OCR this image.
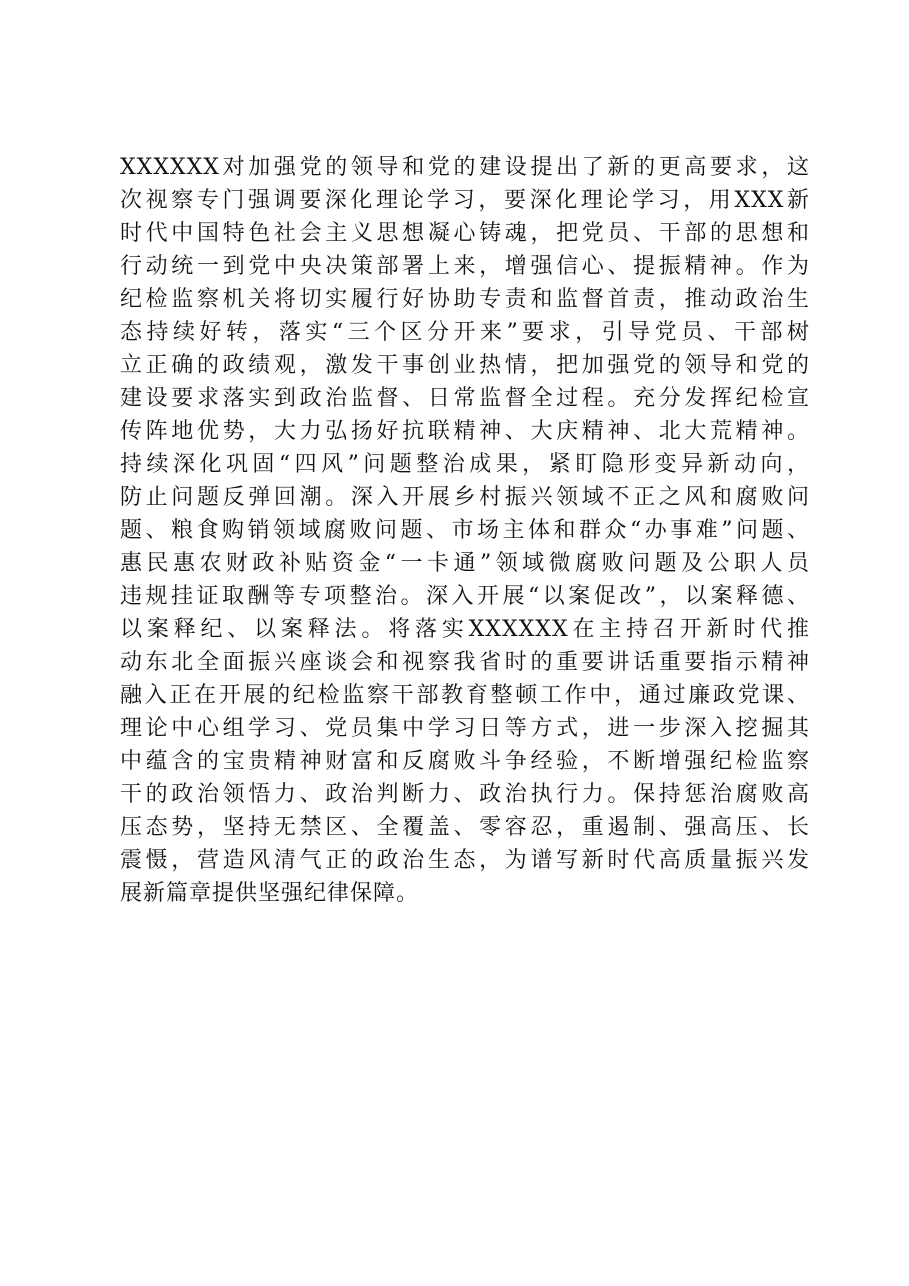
XXXXXX对加强党的领导和党的建设提出了新的更高要求，这
次视察专门强调要深化理论学习，要深化理论学习，用XXX新
时代中国特色社会主义思想凝心铸魂，把党员、干部的思想和
行动统一到党中央决策部署上来，增强信心、提振精神。作为
纪检监察机关将切实履行好协助专责和监督首责，推动政治生
态持续好转，落实“三个区分开来”要求，引导党员、干部树
立正确的政绩观，激发干事创业热情，把加强党的领导和党的
建设要求落实到政治监督、日常监督全过程。充分发挥纪检宣
传阵地优势，大力弘扬好抗联精神、大庆精神、北大荒精神。
持续深化巩固“四风”问题整治成果，紧盯隐形变异新动向，
防止问题反弹回潮。深入开展乡村振兴领域不正之风和腐败问
题、粮食购销领域腐败问题、市场主体和群众“办事难”问题、
惠民惠农财政补贴资金“一卡通”领域微腐败问题及公职人员
违规挂证取酬等专项整治。深入开展“以案促改”，以案释德、
以案释纪、以案释法。将落实XXXXXX在主持召开新时代推
动东北全面振兴座谈会和视察我省时的重要讲话重要指示精神
融入正在开展的纪检监察干部教育整顿工作中，通过廉政党课、
理论中心组学习、党员集中学习日等方式，进一步深入挖掘其
中蕴含的宝贵精神财富和反腐败斗争经验，不断增强纪检监察
干的政治领悟力、政治判断力、政治执行力。保持惩治腐败高
压态势，坚持无禁区、全覆盖、零容忍，重遏制、强高压、长
震慑，营造风清气正的政治生态，为谱写新时代高质量振兴发
展新篇章提供坚强纪律保障。
